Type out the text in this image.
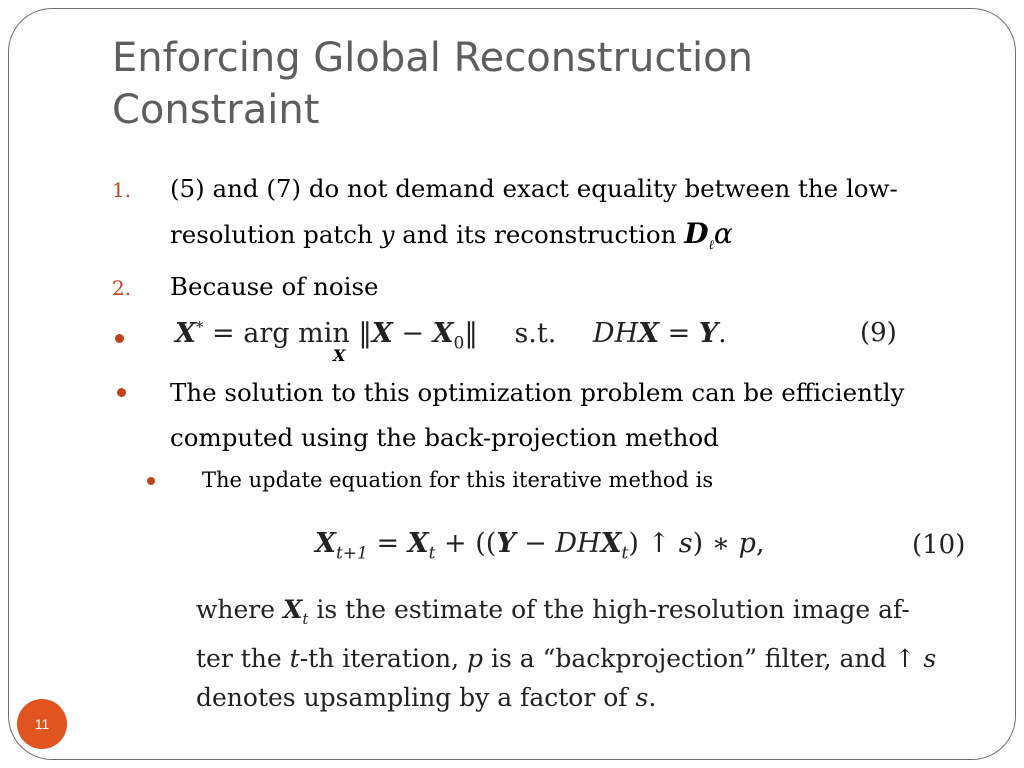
Enforcing Global Reconstruction Constraint
1. (5) and (7) do not demand exact equality between the low-
resolution patch y and its reconstruction $D_\ell\alpha$
2. Because of noise
X* = arg min ‖X − $X_0‖$ s.t. DHX = Y.
X
(9)
The solution to this optimization problem can be efficiently
computed using the back-projection method
The update equation for this iterative method is
$X_{t+1} = X_t + ((Y - DHX_t)$ ↑ s) ∗ p,	(10)
where $X_t$ is the estimate of the high-resolution image af-
ter the t-th iteration, p is a “backprojection” filter, and ↑ s
denotes upsampling by a factor of s.
11
